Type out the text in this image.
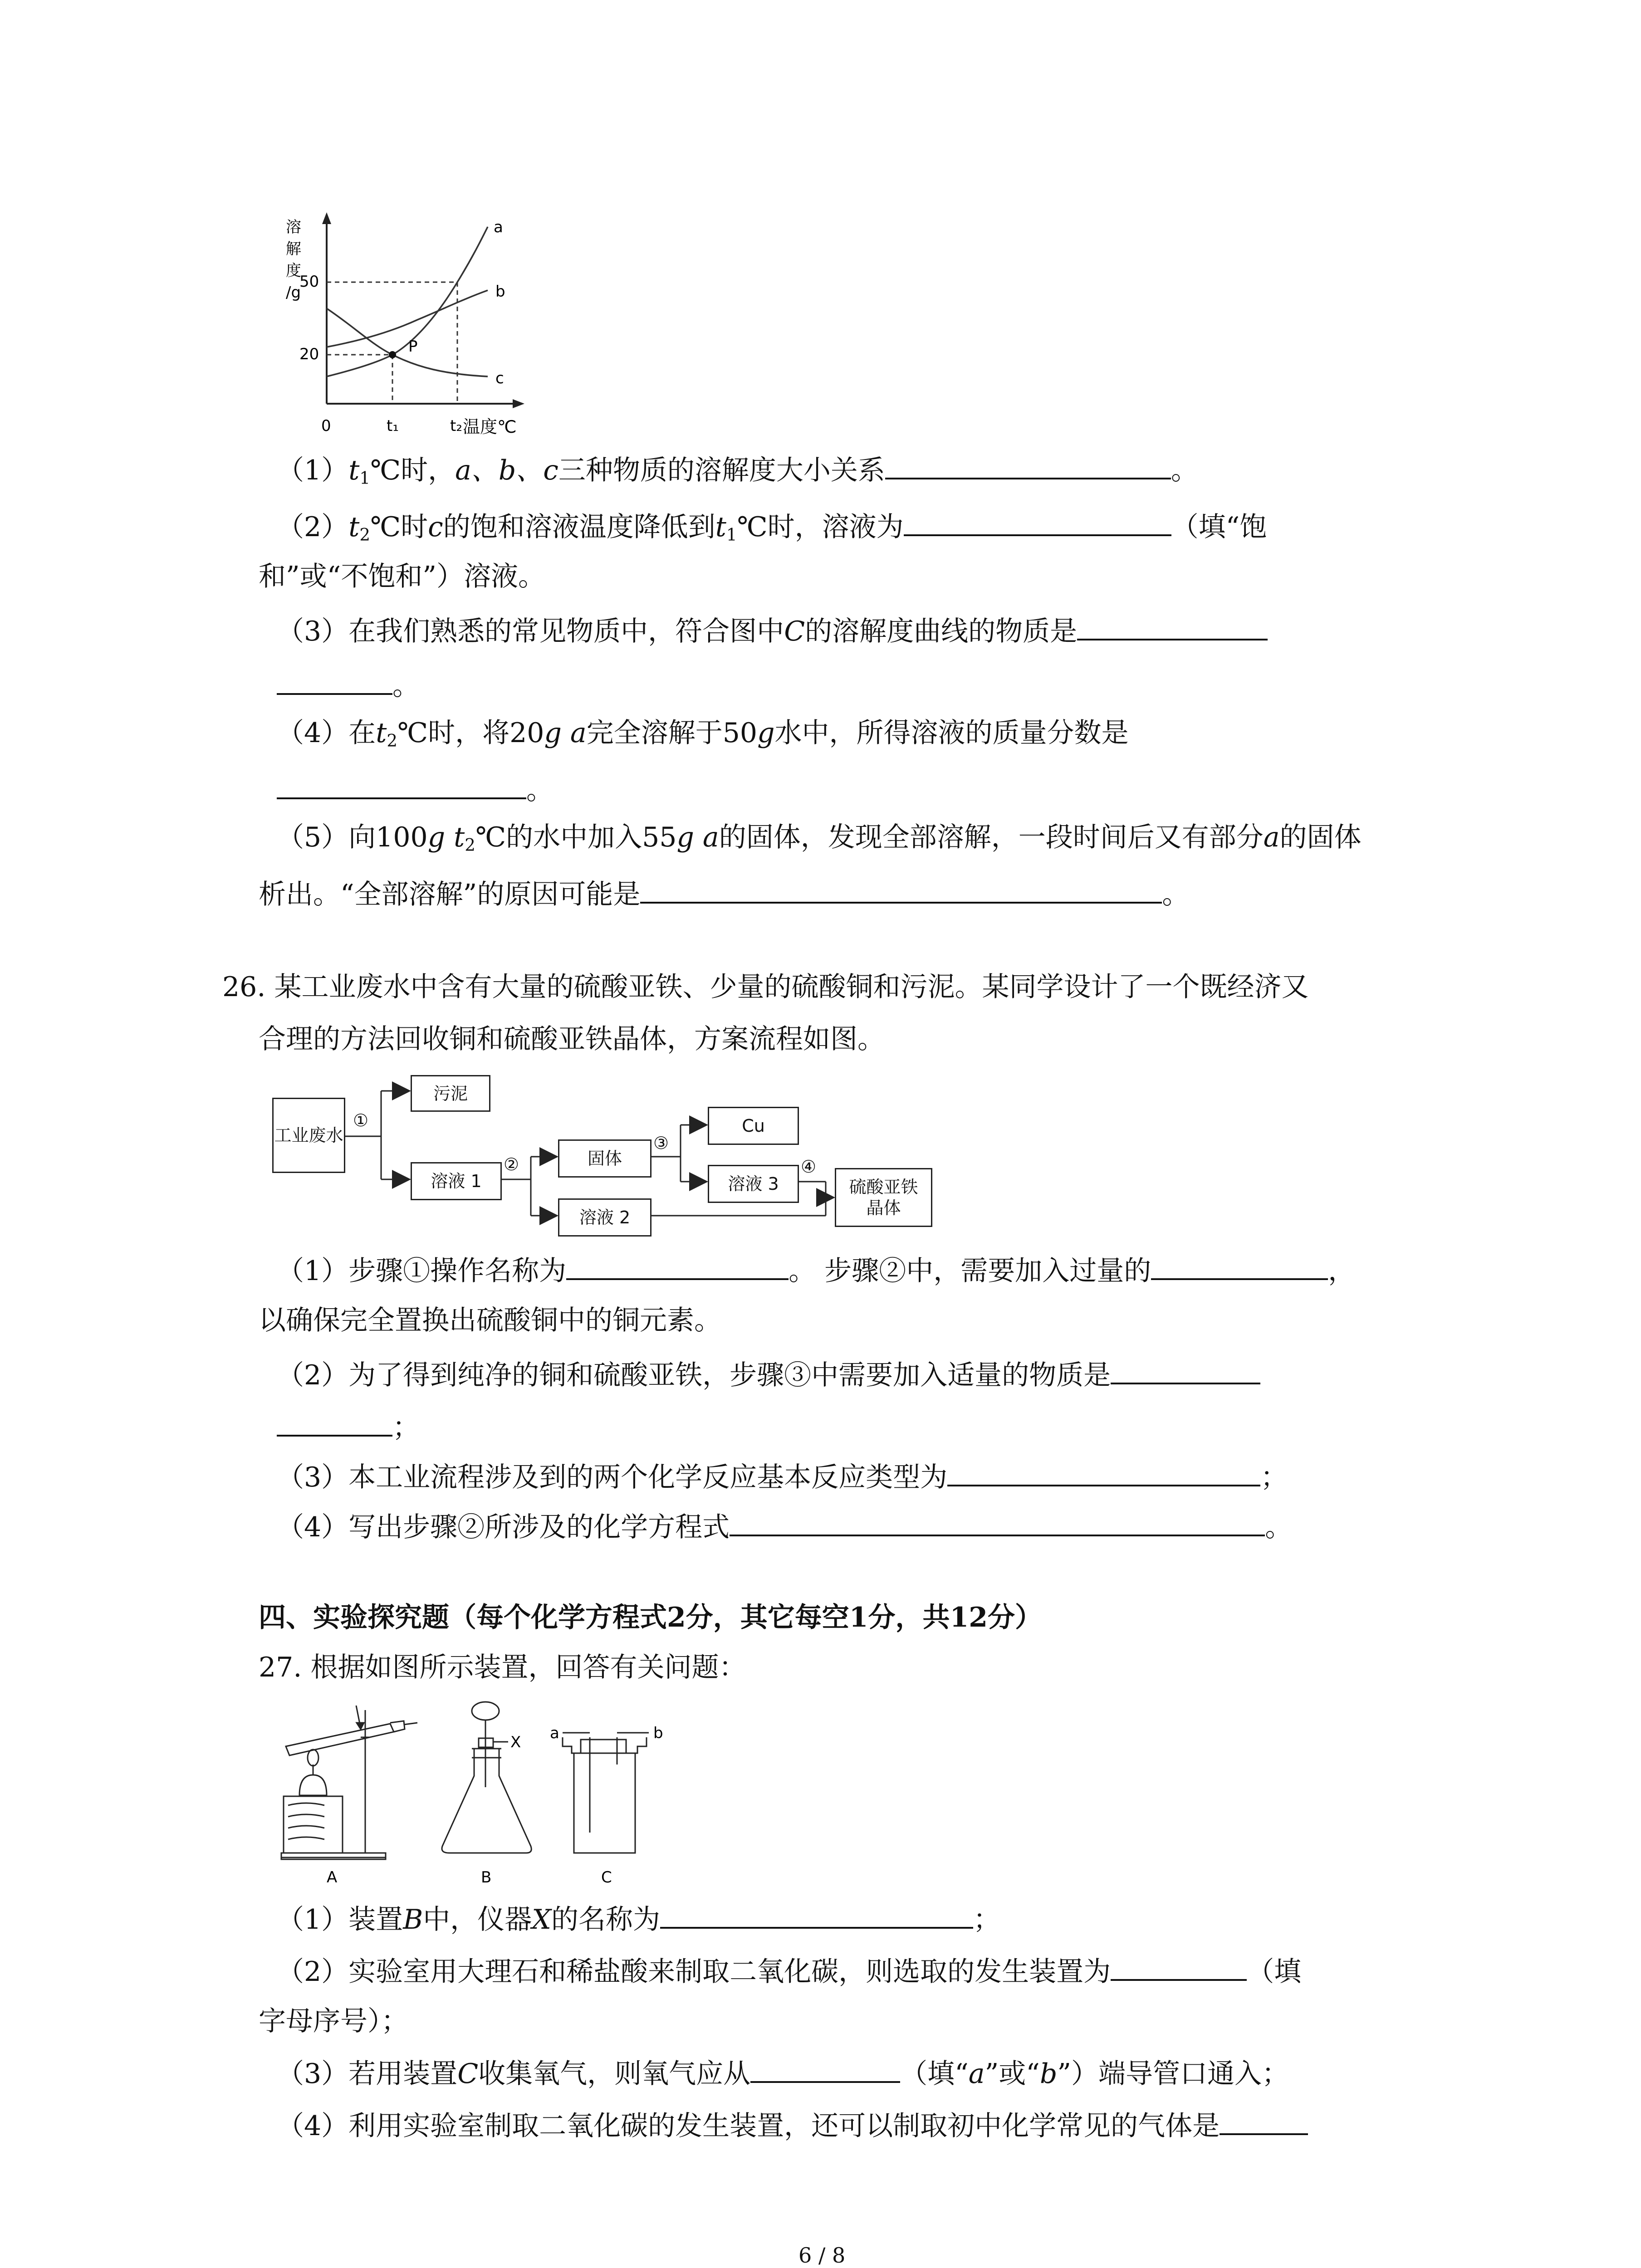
溶
解
度
/g
a
b
c
P
50
20
0	t₁	t₂ 温度℃
$(1)t_1℃$时，a、b、c三种物质的溶解度大小关系	。
$(2)t_2℃$时c的饱和溶液温度降低到$t_1℃$时，溶液为	（填“饱
和”或“不饱和”）溶液。
（3）在我们熟悉的常见物质中，符合图中C的溶解度曲线的物质是
。
（4）在$t_2℃$时，将20g a完全溶解于50g水中，所得溶液的质量分数是
。
（5）向100g $t_2℃$的水中加入55g a的固体，发现全部溶解，一段时间后又有部分a的固体
析出。“全部溶解”的原因可能是	。
26. 某工业废水中含有大量的硫酸亚铁、少量的硫酸铜和污泥。某同学设计了一个既经济又
合理的方法回收铜和硫酸亚铁晶体，方案流程如图。
工业废水
污泥
溶液 1
固体
溶液 2
Cu
溶液 3	硫酸亚铁晶体
①
②
③
④
（1）步骤①操作名称为	。 步骤②中，需要加入过量的	，
以确保完全置换出硫酸铜中的铜元素。
（2）为了得到纯净的铜和硫酸亚铁，步骤③中需要加入适量的物质是
；
（3）本工业流程涉及到的两个化学反应基本反应类型为	；
（4）写出步骤②所涉及的化学方程式	。
四、实验探究题（每个化学方程式2分，其它每空1分，共12分）
27. 根据如图所示装置，回答有关问题：
X a	b
A	B	C
（1）装置B中，仪器X的名称为	；
（2）实验室用大理石和稀盐酸来制取二氧化碳，则选取的发生装置为	（填
字母序号）；
（3）若用装置C收集氧气，则氧气应从	（填“a”或“b”）端导管口通入；
（4）利用实验室制取二氧化碳的发生装置，还可以制取初中化学常见的气体是
6 / 8
